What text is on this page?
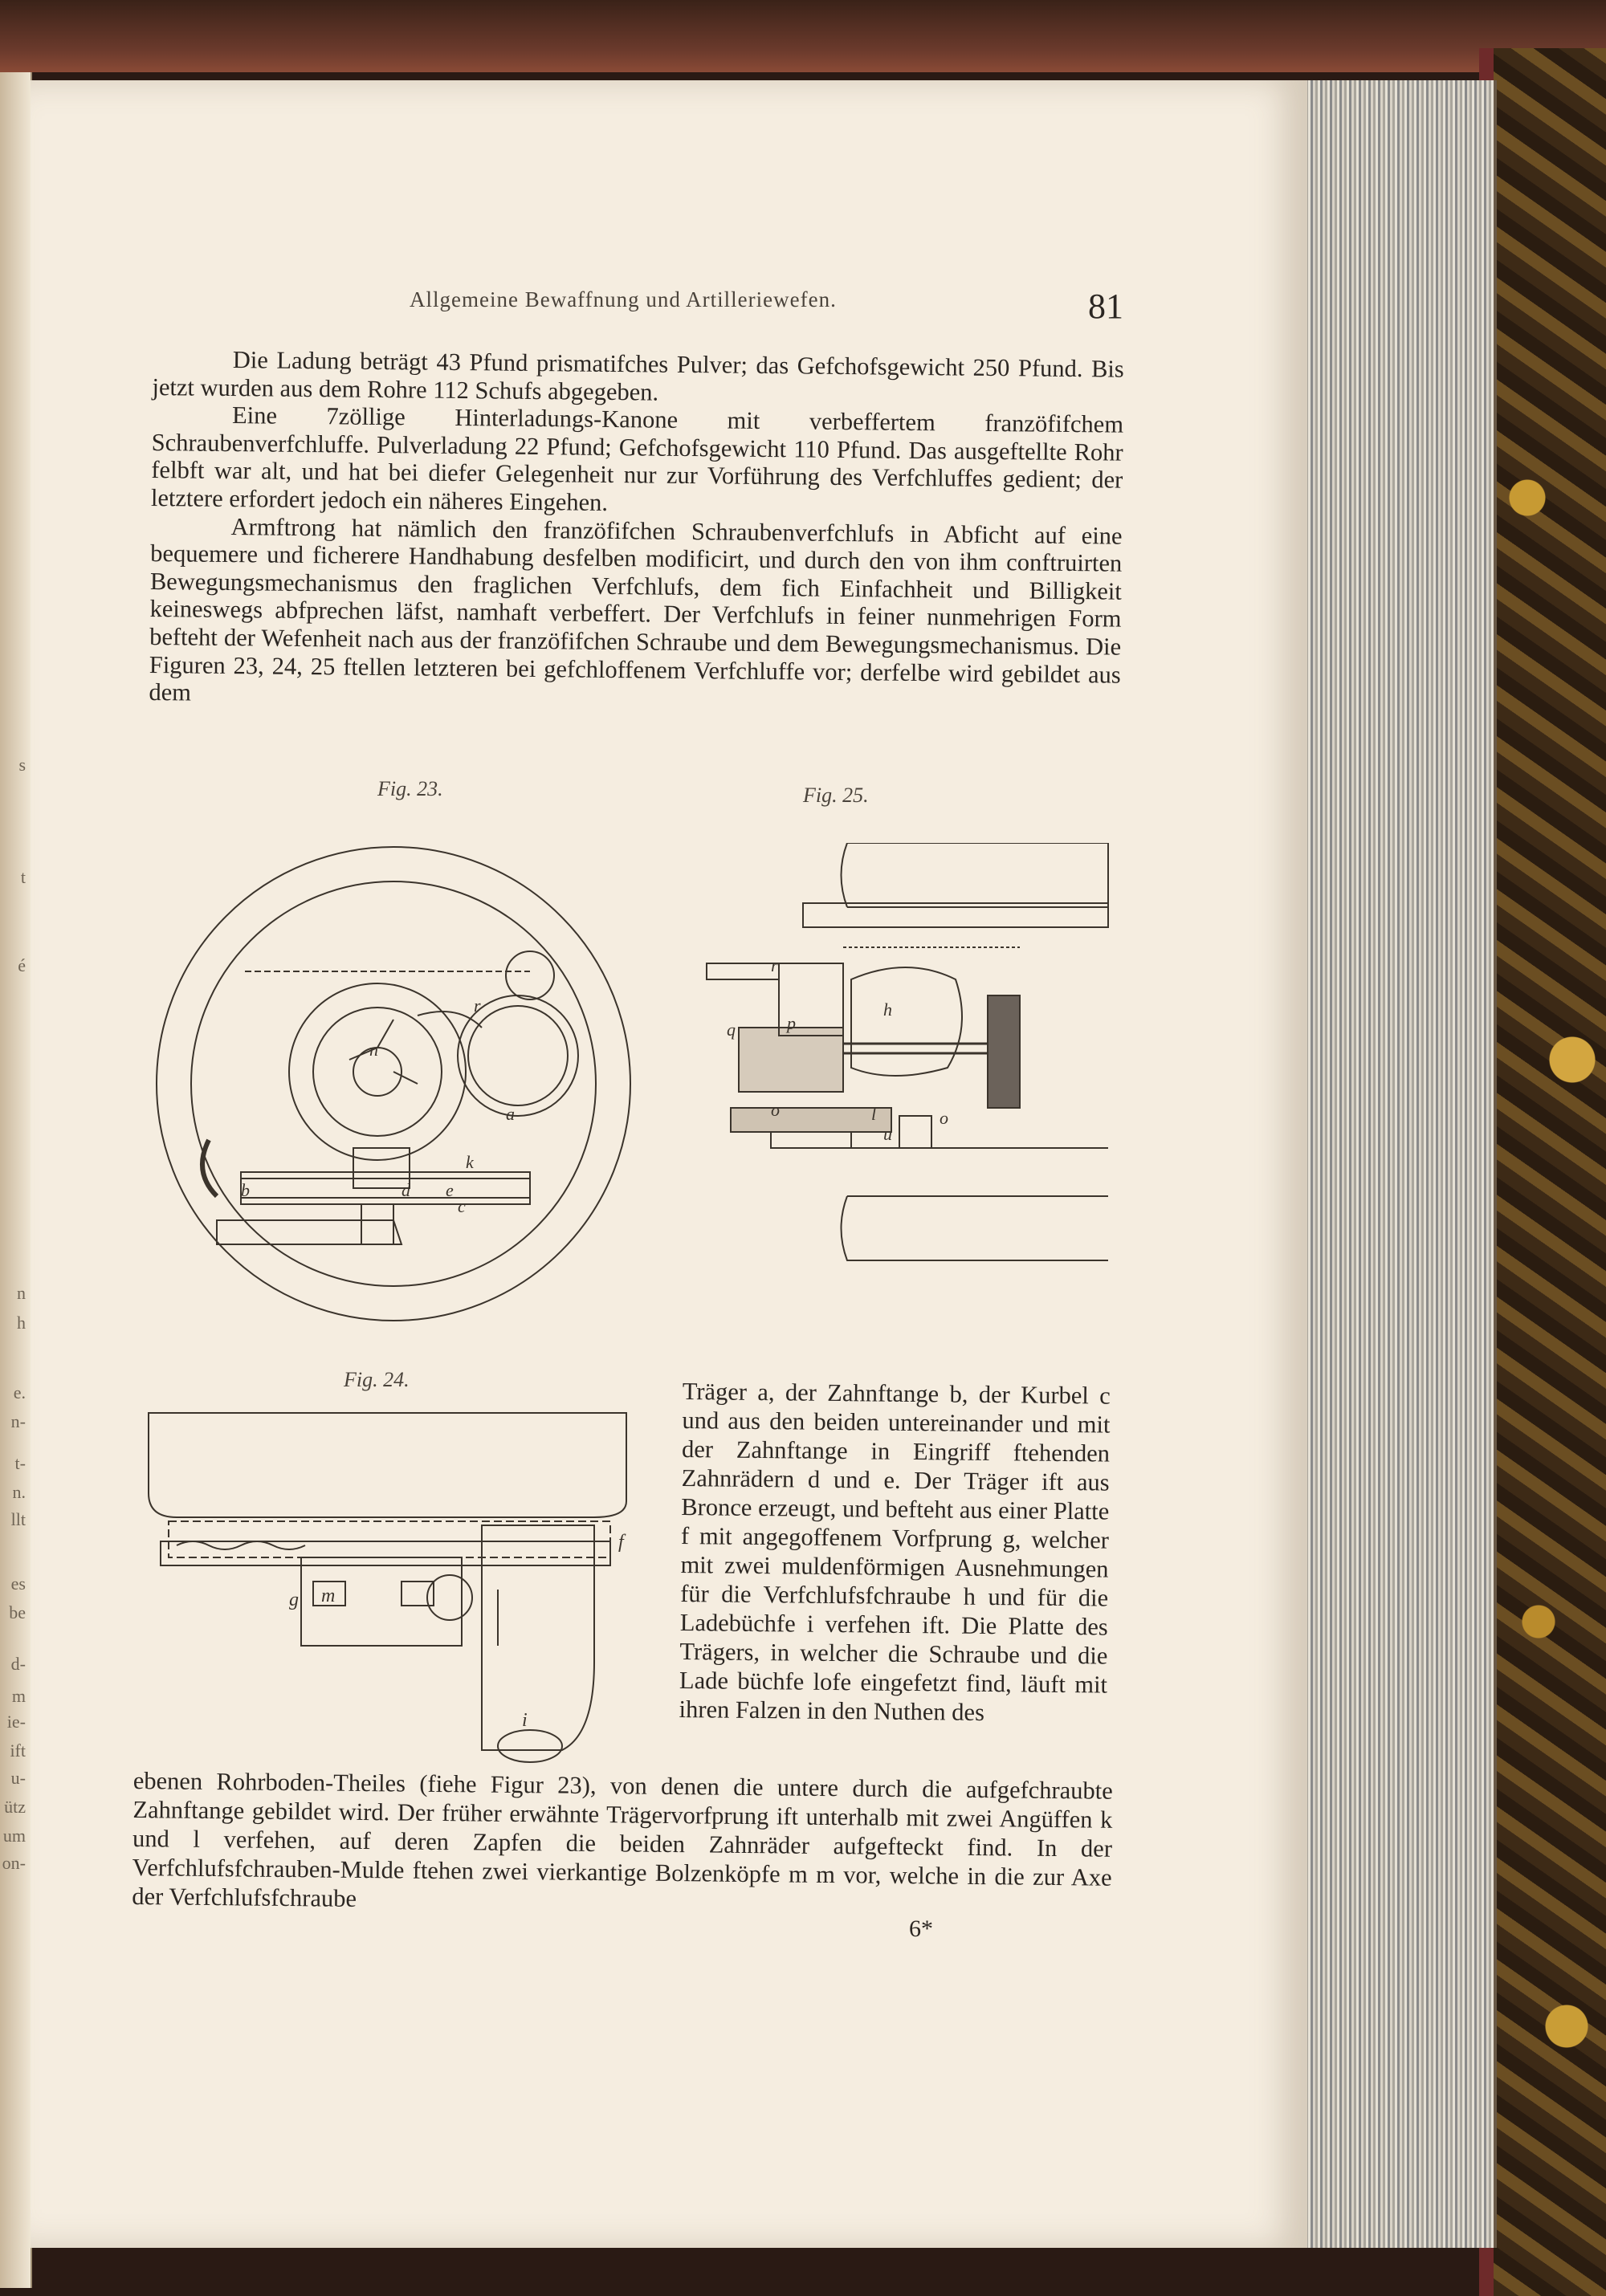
s
t
é
n
h
e.
n-
t-
n.
llt
es
be
d-
m
ie-
ift
u-
ütz
um
on-
Allgemeine Bewaffnung und Artilleriewefen.	81

Die Ladung beträgt 43 Pfund prismatifches Pulver; das Gefchofsgewicht 250 Pfund. Bis jetzt wurden aus dem Rohre 112 Schufs abgegeben.

Eine 7zöllige Hinterladungs-Kanone mit verbeffertem franzöfifchem Schraubenverfchluffe. Pulverladung 22 Pfund; Gefchofsgewicht 110 Pfund. Das ausgeftellte Rohr felbft war alt, und hat bei diefer Gelegenheit nur zur Vorführung des Verfchluffes gedient; der letztere erfordert jedoch ein näheres Eingehen.

Armftrong hat nämlich den franzöfifchen Schraubenverfchlufs in Abficht auf eine bequemere und ficherere Handhabung desfelben modificirt, und durch den von ihm conftruirten Bewegungsmechanismus den fraglichen Verfchlufs, dem fich Einfachheit und Billigkeit keineswegs abfprechen läfst, namhaft verbeffert. Der Verfchlufs in feiner nunmehrigen Form befteht der Wefenheit nach aus der franzöfifchen Schraube und dem Bewegungsmechanismus. Die Figuren 23, 24, 25 ftellen letzteren bei gefchloffenem Verfchluffe vor; derfelbe wird gebildet aus dem

Fig. 23.	Fig. 25.
Fig. 24.
r
a
b
c
d e
k
n
r
p
h
q
o	l
u
o
f
g
i
m
Träger a, der Zahnftange b, der Kurbel c und aus den beiden untereinander und mit der Zahnftange in Eingriff ftehenden Zahnrädern d und e. Der Träger ift aus Bronce erzeugt, und befteht aus einer Platte f mit angegoffenem Vorfprung g, welcher mit zwei muldenförmigen Ausnehmungen für die Verfchlufsfchraube h und für die Ladebüchfe i verfehen ift. Die Platte des Trägers, in welcher die Schraube und die Lade büchfe lofe eingefetzt find, läuft mit ihren Falzen in den Nuthen des
ebenen Rohrboden-Theiles (fiehe Figur 23), von denen die untere durch die aufgefchraubte Zahnftange gebildet wird. Der früher erwähnte Trägervorfprung ift unterhalb mit zwei Angüffen k und l verfehen, auf deren Zapfen die beiden Zahnräder aufgefteckt find. In der Verfchlufsfchrauben-Mulde ftehen zwei vierkantige Bolzenköpfe m m vor, welche in die zur Axe der Verfchlufsfchraube
6*
